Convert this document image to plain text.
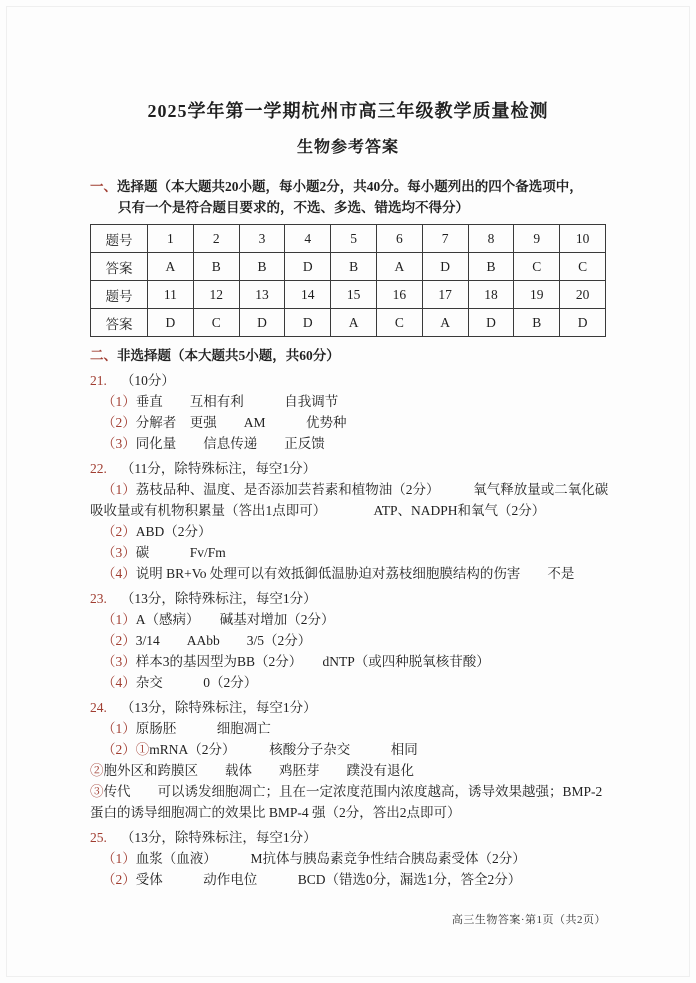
2025学年第一学期杭州市高三年级教学质量检测
生物参考答案
一、选择题（本大题共20小题，每小题2分，共40分。每小题列出的四个备选项中，
只有一个是符合题目要求的，不选、多选、错选均不得分）
题号	1	2	3	4	5	6	7	8	9	10
答案	A	B	B	D	B	A	D	B	C	C
题号	11	12	13	14	15	16	17	18	19	20
答案	D	C	D	D	A	C	A	D	B	D
二、非选择题（本大题共5小题，共60分）
21. （10分）
（1）垂直　　互相有利　　　自我调节
（2）分解者　更强　　AM　　　优势种
（3）同化量　　信息传递　　正反馈
22. （11分，除特殊标注，每空1分）
（1）荔枝品种、温度、是否添加芸苔素和植物油（2分）　　　氧气释放量或二氧化碳
吸收量或有机物积累量（答出1点即可）　　　　ATP、NADPH和氧气（2分）
（2）ABD（2分）
（3）碳　　　Fv/Fm
（4）说明 BR+Vo 处理可以有效抵御低温胁迫对荔枝细胞膜结构的伤害　　不是
23. （13分，除特殊标注，每空1分）
（1）A（感病）　　碱基对增加（2分）
（2）3/14　　AAbb　　3/5（2分）
（3）样本3的基因型为BB（2分）　　dNTP（或四种脱氧核苷酸）
（4）杂交　　　0（2分）
24. （13分，除特殊标注，每空1分）
（1）原肠胚　　　细胞凋亡
（2）①mRNA（2分）　　　核酸分子杂交　　　相同
②胞外区和跨膜区　　载体　　鸡胚芽　　蹼没有退化
③传代　　可以诱发细胞凋亡；且在一定浓度范围内浓度越高，诱导效果越强；BMP-2
蛋白的诱导细胞凋亡的效果比 BMP-4 强（2分，答出2点即可）
25. （13分，除特殊标注，每空1分）
（1）血浆（血液）　　　M抗体与胰岛素竞争性结合胰岛素受体（2分）
（2）受体　　　动作电位　　　BCD（错选0分，漏选1分，答全2分）
高三生物答案·第1页（共2页）
